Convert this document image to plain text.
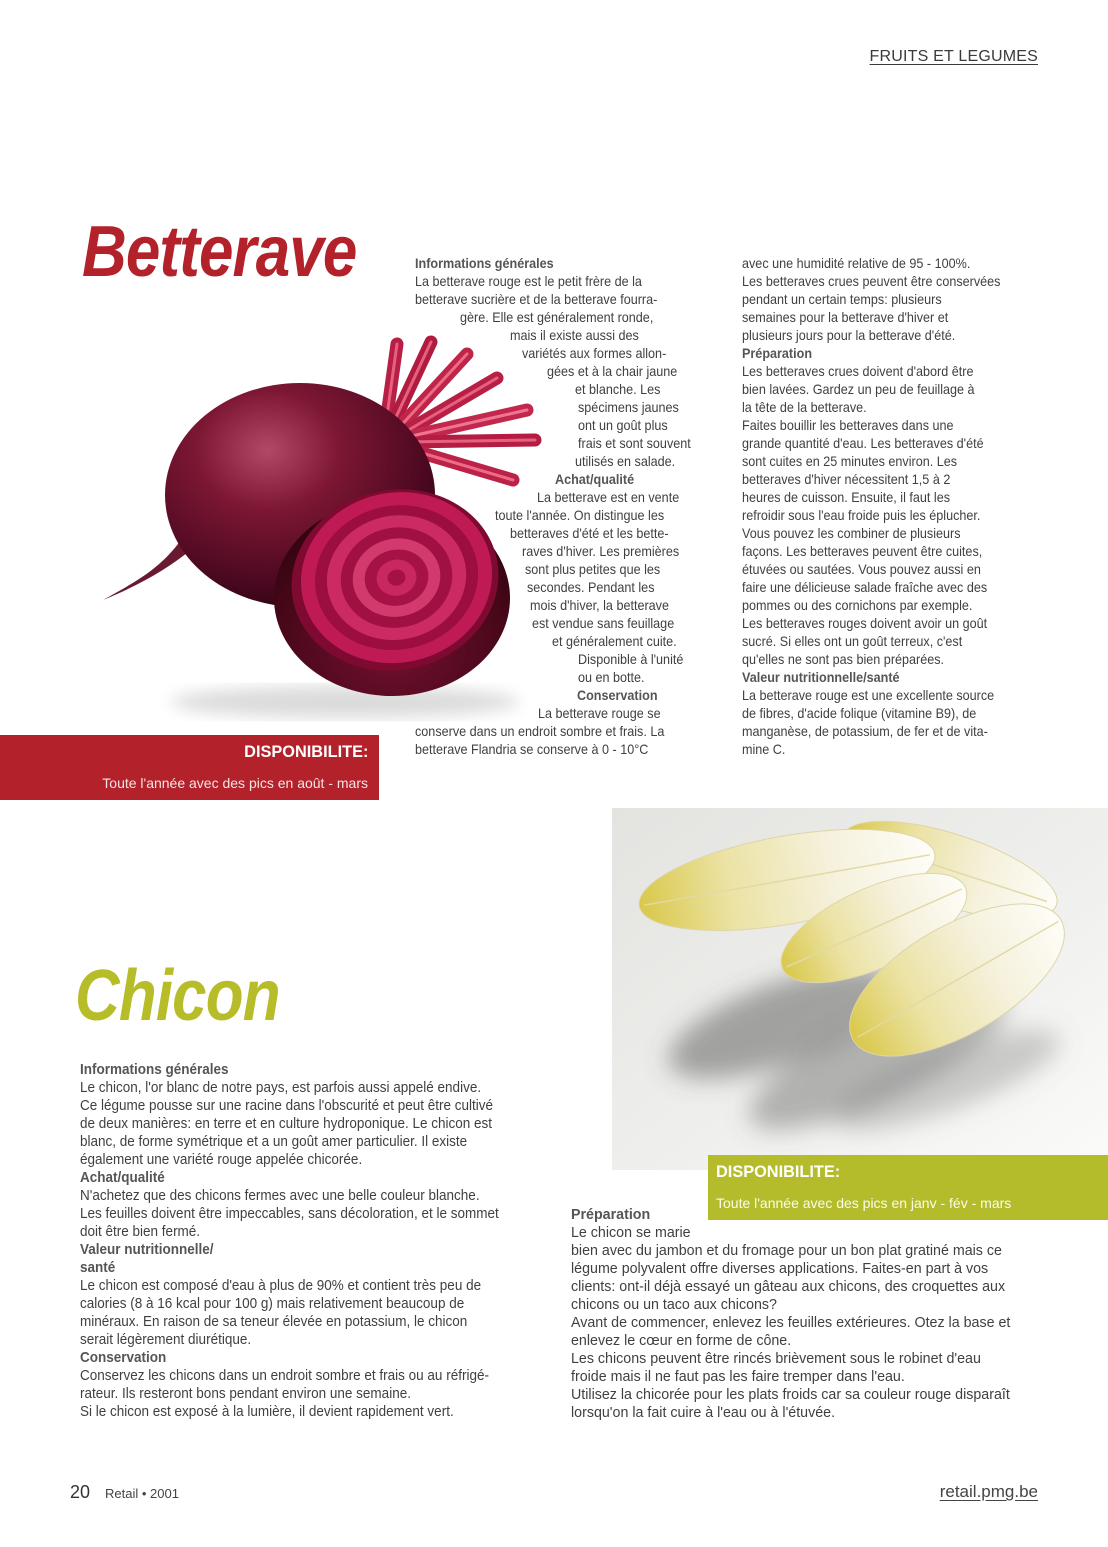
FRUITS ET LEGUMES
Betterave	Informations générales
La betterave rouge est le petit frère de la
betterave sucrière et de la betterave fourra-
gère. Elle est généralement ronde,
mais il existe aussi des
variétés aux formes allon-
gées et à la chair jaune
et blanche. Les
spécimens jaunes
ont un goût plus
frais et sont souvent
utilisés en salade.
Achat/qualité
La betterave est en vente
toute l'année. On distingue les
betteraves d'été et les bette-
raves d'hiver. Les premières
sont plus petites que les
secondes. Pendant les
mois d'hiver, la betterave
est vendue sans feuillage
et généralement cuite.
Disponible à l'unité
ou en botte.
Conservation
La betterave rouge se
conserve dans un endroit sombre et frais. La
betterave Flandria se conserve à 0 - 10°C
avec une humidité relative de 95 - 100%.
Les betteraves crues peuvent être conservées
pendant un certain temps: plusieurs
semaines pour la betterave d'hiver et
plusieurs jours pour la betterave d'été.
Préparation
Les betteraves crues doivent d'abord être
bien lavées. Gardez un peu de feuillage à
la tête de la betterave.
Faites bouillir les betteraves dans une
grande quantité d'eau. Les betteraves d'été
sont cuites en 25 minutes environ. Les
betteraves d'hiver nécessitent 1,5 à 2
heures de cuisson. Ensuite, il faut les
refroidir sous l'eau froide puis les éplucher.
Vous pouvez les combiner de plusieurs
façons. Les betteraves peuvent être cuites,
étuvées ou sautées. Vous pouvez aussi en
faire une délicieuse salade fraîche avec des
pommes ou des cornichons par exemple.
Les betteraves rouges doivent avoir un goût
sucré. Si elles ont un goût terreux, c'est
qu'elles ne sont pas bien préparées.
Valeur nutritionnelle/santé
La betterave rouge est une excellente source
de fibres, d'acide folique (vitamine B9), de
manganèse, de potassium, de fer et de vita-
mine C.
DISPONIBILITE:
Toute l'année avec des pics en août - mars
Chicon
DISPONIBILITE:
Toute l'année avec des pics en janv - fév - mars
Informations générales
Le chicon, l'or blanc de notre pays, est parfois aussi appelé endive.
Ce légume pousse sur une racine dans l'obscurité et peut être cultivé
de deux manières: en terre et en culture hydroponique. Le chicon est
blanc, de forme symétrique et a un goût amer particulier. Il existe
également une variété rouge appelée chicorée.
Achat/qualité
N'achetez que des chicons fermes avec une belle couleur blanche.
Les feuilles doivent être impeccables, sans décoloration, et le sommet
doit être bien fermé.
Valeur nutritionnelle/
santé
Le chicon est composé d'eau à plus de 90% et contient très peu de
calories (8 à 16 kcal pour 100 g) mais relativement beaucoup de
minéraux. En raison de sa teneur élevée en potassium, le chicon
serait légèrement diurétique.
Conservation
Conservez les chicons dans un endroit sombre et frais ou au réfrigé-
rateur. Ils resteront bons pendant environ une semaine.
Si le chicon est exposé à la lumière, il devient rapidement vert.
Préparation
Le chicon se marie
bien avec du jambon et du fromage pour un bon plat gratiné mais ce
légume polyvalent offre diverses applications. Faites-en part à vos
clients: ont-il déjà essayé un gâteau aux chicons, des croquettes aux
chicons ou un taco aux chicons?
Avant de commencer, enlevez les feuilles extérieures. Otez la base et
enlevez le cœur en forme de cône.
Les chicons peuvent être rincés brièvement sous le robinet d'eau
froide mais il ne faut pas les faire tremper dans l'eau.
Utilisez la chicorée pour les plats froids car sa couleur rouge disparaît
lorsqu'on la fait cuire à l'eau ou à l'étuvée.
20 Retail • 2001	retail.pmg.be
